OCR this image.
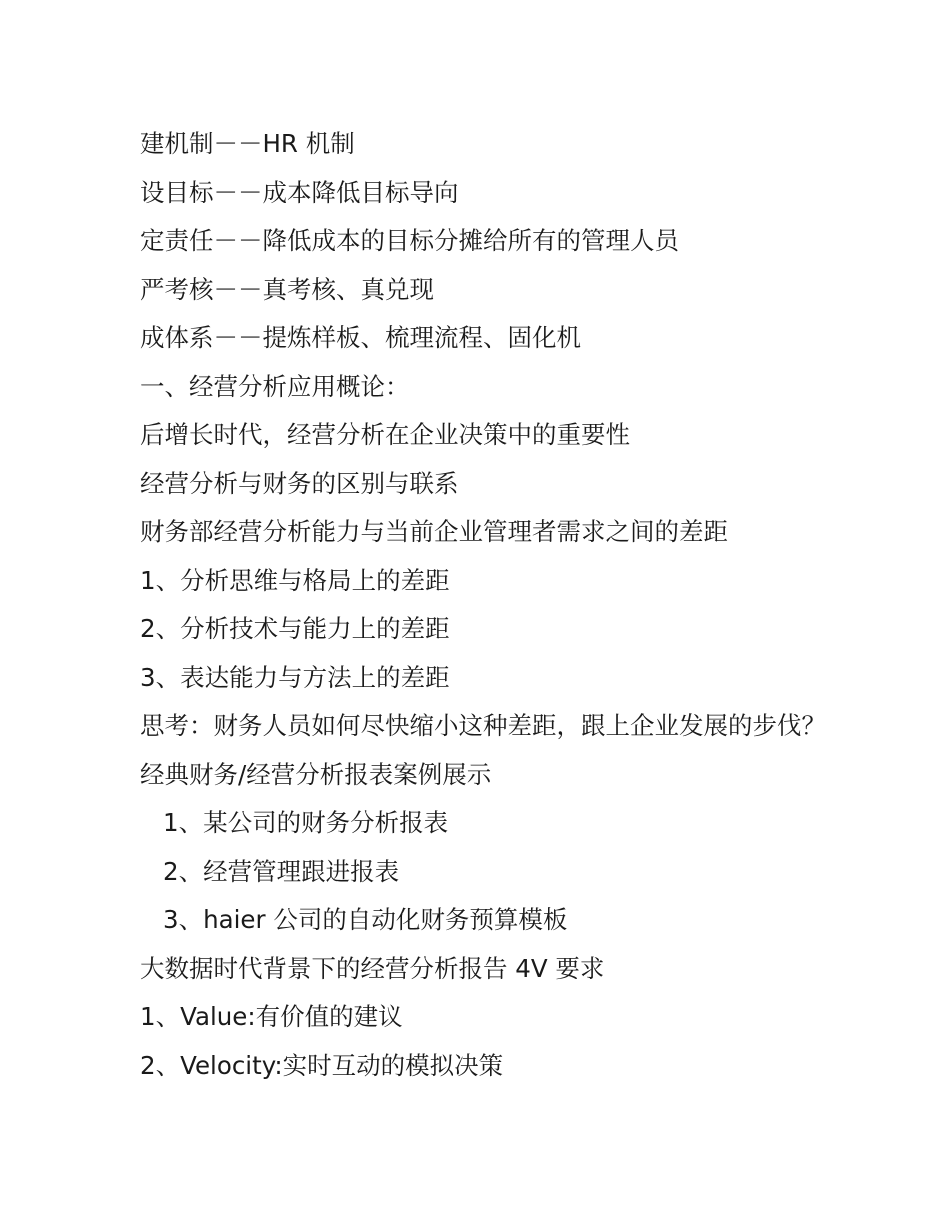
建机制－－HR 机制
设目标－－成本降低目标导向
定责任－－降低成本的目标分摊给所有的管理人员
严考核－－真考核、真兑现
成体系－－提炼样板、梳理流程、固化机
一、经营分析应用概论：
后增长时代，经营分析在企业决策中的重要性
经营分析与财务的区别与联系
财务部经营分析能力与当前企业管理者需求之间的差距
1、分析思维与格局上的差距
2、分析技术与能力上的差距
3、表达能力与方法上的差距
思考：财务人员如何尽快缩小这种差距，跟上企业发展的步伐？
经典财务/经营分析报表案例展示
1、某公司的财务分析报表
2、经营管理跟进报表
3、haier 公司的自动化财务预算模板
大数据时代背景下的经营分析报告 4V 要求
1、Value:有价值的建议
2、Velocity:实时互动的模拟决策
